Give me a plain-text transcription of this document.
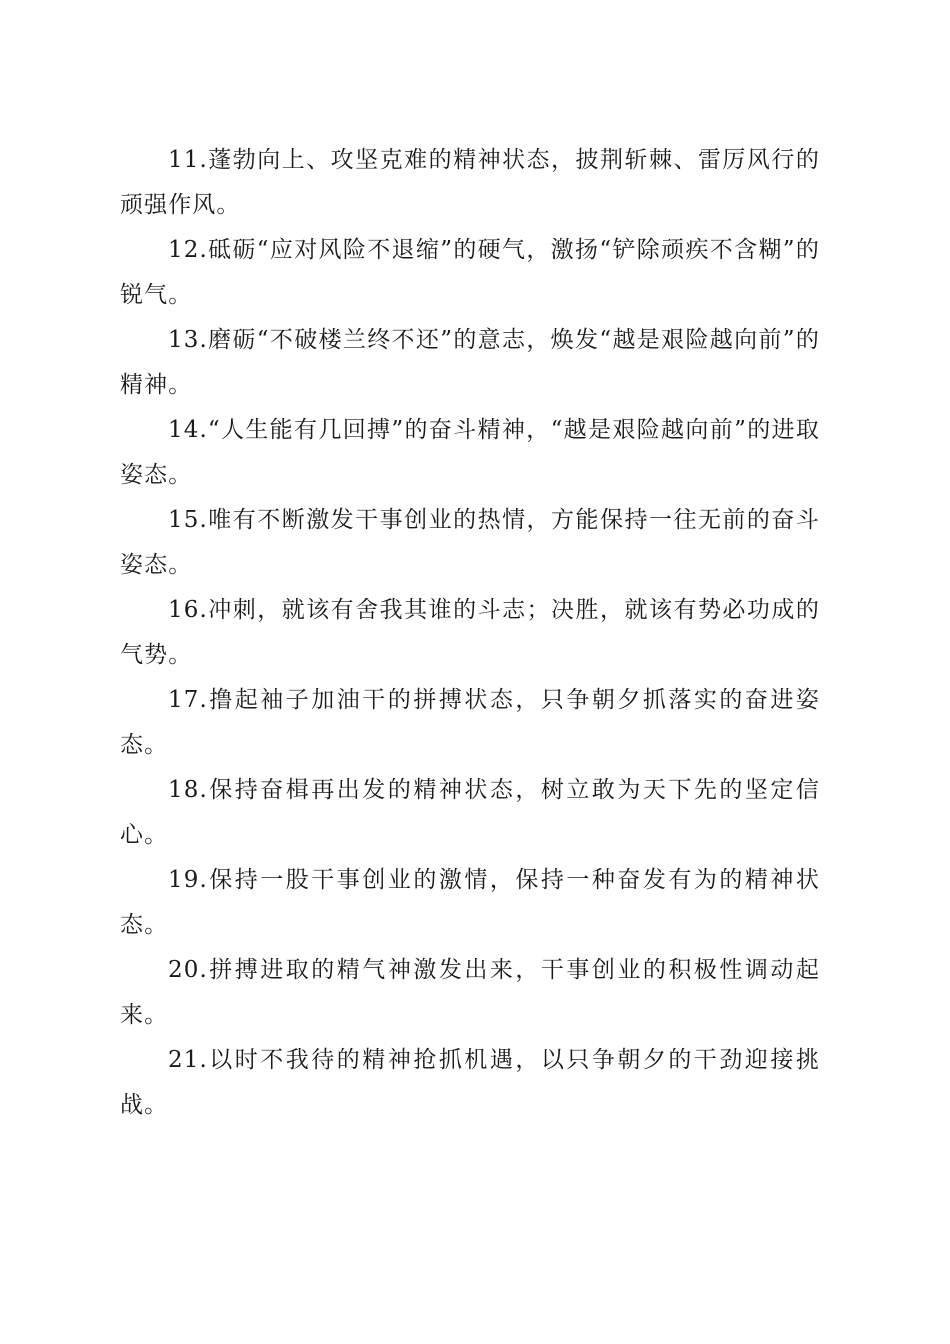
11.蓬勃向上、攻坚克难的精神状态，披荆斩棘、雷厉风行的顽强作风。

12.砥砺“应对风险不退缩”的硬气，激扬“铲除顽疾不含糊”的锐气。

13.磨砺“不破楼兰终不还”的意志，焕发“越是艰险越向前”的精神。

14.“人生能有几回搏”的奋斗精神，“越是艰险越向前”的进取姿态。

15.唯有不断激发干事创业的热情，方能保持一往无前的奋斗姿态。

16.冲刺，就该有舍我其谁的斗志；决胜，就该有势必功成的气势。

17.撸起袖子加油干的拼搏状态，只争朝夕抓落实的奋进姿态。

18.保持奋楫再出发的精神状态，树立敢为天下先的坚定信心。

19.保持一股干事创业的激情，保持一种奋发有为的精神状态。

20.拼搏进取的精气神激发出来，干事创业的积极性调动起来。

21.以时不我待的精神抢抓机遇，以只争朝夕的干劲迎接挑战。
